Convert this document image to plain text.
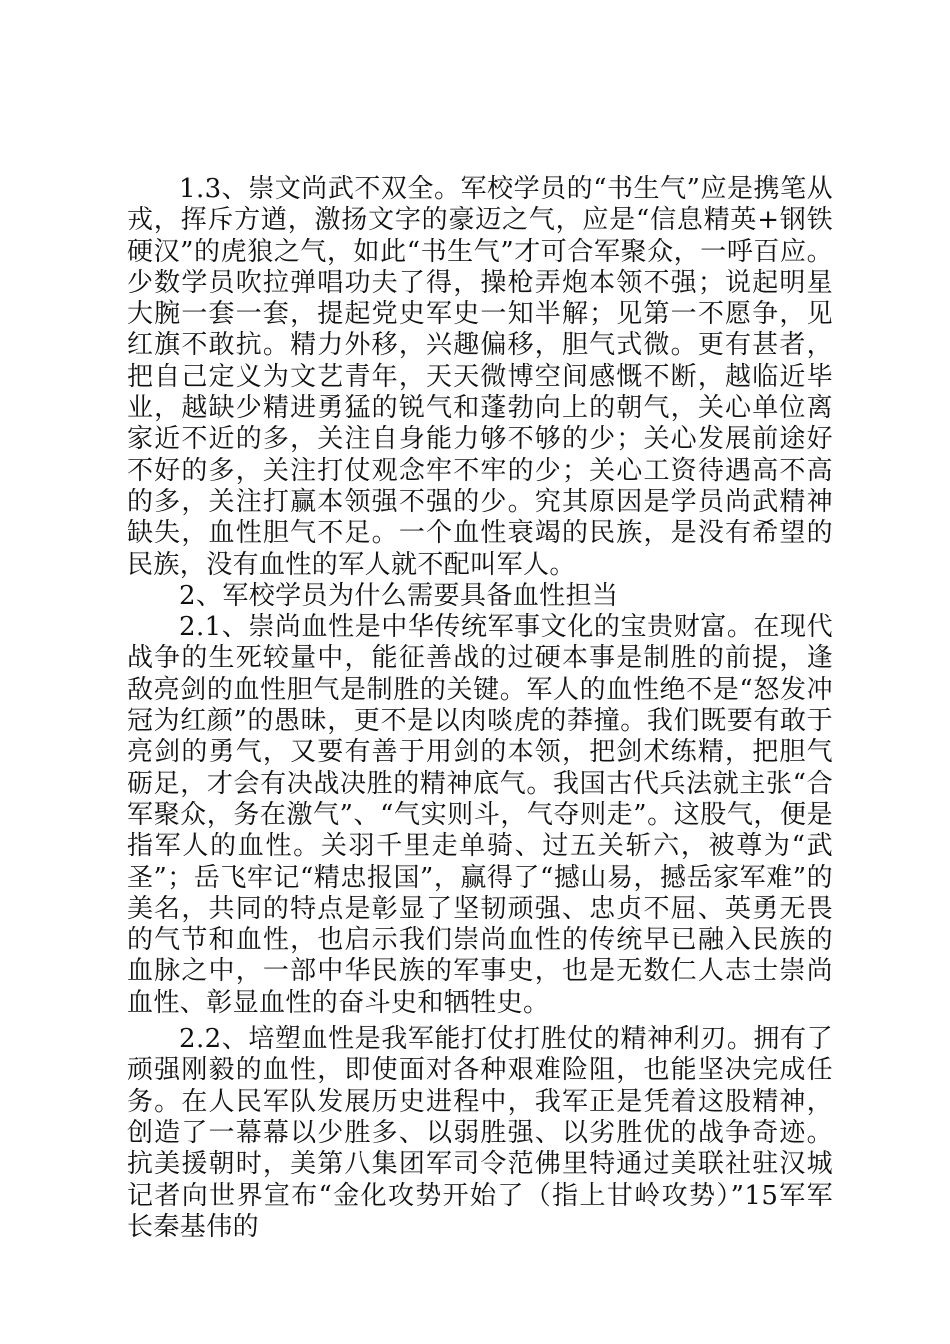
1.3、崇文尚武不双全。军校学员的“书生气”应是携笔从戎，挥斥方遒，激扬文字的豪迈之气，应是“信息精英+钢铁硬汉”的虎狼之气，如此“书生气”才可合军聚众，一呼百应。少数学员吹拉弹唱功夫了得，操枪弄炮本领不强；说起明星大腕一套一套，提起党史军史一知半解；见第一不愿争，见红旗不敢抗。精力外移，兴趣偏移，胆气式微。更有甚者，把自己定义为文艺青年，天天微博空间感慨不断，越临近毕业，越缺少精进勇猛的锐气和蓬勃向上的朝气，关心单位离家近不近的多，关注自身能力够不够的少；关心发展前途好不好的多，关注打仗观念牢不牢的少；关心工资待遇高不高的多，关注打赢本领强不强的少。究其原因是学员尚武精神缺失，血性胆气不足。一个血性衰竭的民族，是没有希望的民族，没有血性的军人就不配叫军人。

2、军校学员为什么需要具备血性担当

2.1、崇尚血性是中华传统军事文化的宝贵财富。在现代战争的生死较量中，能征善战的过硬本事是制胜的前提，逢敌亮剑的血性胆气是制胜的关键。军人的血性绝不是“怒发冲冠为红颜”的愚昧，更不是以肉啖虎的莽撞。我们既要有敢于亮剑的勇气，又要有善于用剑的本领，把剑术练精，把胆气砺足，才会有决战决胜的精神底气。我国古代兵法就主张“合军聚众，务在激气”、“气实则斗，气夺则走”。这股气，便是指军人的血性。关羽千里走单骑、过五关斩六，被尊为“武圣”；岳飞牢记“精忠报国”，赢得了“撼山易，撼岳家军难”的美名，共同的特点是彰显了坚韧顽强、忠贞不屈、英勇无畏的气节和血性，也启示我们崇尚血性的传统早已融入民族的血脉之中，一部中华民族的军事史，也是无数仁人志士崇尚血性、彰显血性的奋斗史和牺牲史。

2.2、培塑血性是我军能打仗打胜仗的精神利刃。拥有了顽强刚毅的血性，即使面对各种艰难险阻，也能坚决完成任务。在人民军队发展历史进程中，我军正是凭着这股精神，创造了一幕幕以少胜多、以弱胜强、以劣胜优的战争奇迹。抗美援朝时，美第八集团军司令范佛里特通过美联社驻汉城记者向世界宣布“金化攻势开始了（指上甘岭攻势）”15军军长秦基伟的
